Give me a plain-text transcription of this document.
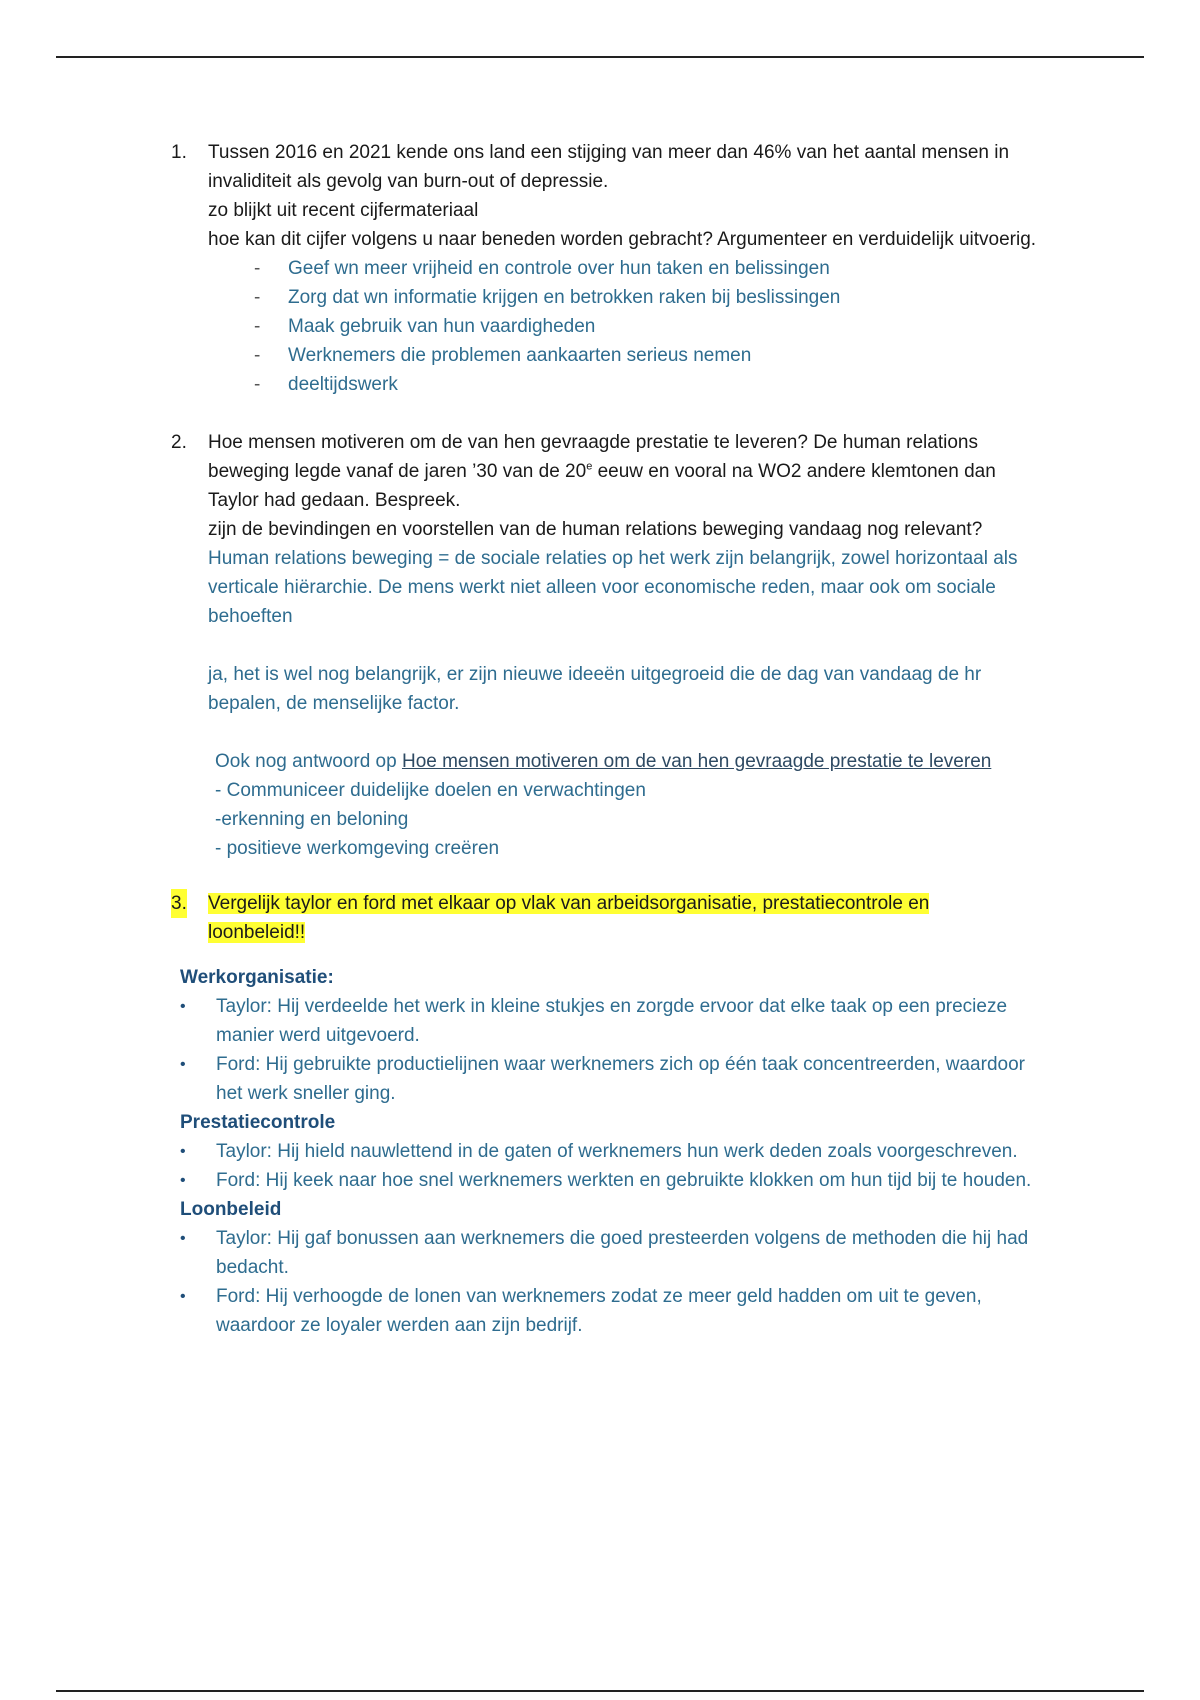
1. Tussen 2016 en 2021 kende ons land een stijging van meer dan 46% van het aantal mensen in invaliditeit als gevolg van burn-out of depressie.
zo blijkt uit recent cijfermateriaal
hoe kan dit cijfer volgens u naar beneden worden gebracht? Argumenteer en verduidelijk uitvoerig.
- Geef wn meer vrijheid en controle over hun taken en belissingen
- Zorg dat wn informatie krijgen en betrokken raken bij beslissingen
- Maak gebruik van hun vaardigheden
- Werknemers die problemen aankaarten serieus nemen
- deeltijdswerk
2. Hoe mensen motiveren om de van hen gevraagde prestatie te leveren? De human relations beweging legde vanaf de jaren ’30 van de 20e eeuw en vooral na WO2 andere klemtonen dan Taylor had gedaan. Bespreek.
zijn de bevindingen en voorstellen van de human relations beweging vandaag nog relevant?
Human relations beweging = de sociale relaties op het werk zijn belangrijk, zowel horizontaal als verticale hiërarchie. De mens werkt niet alleen voor economische reden, maar ook om sociale behoeften
ja, het is wel nog belangrijk, er zijn nieuwe ideeën uitgegroeid die de dag van vandaag de hr bepalen, de menselijke factor.
Ook nog antwoord op Hoe mensen motiveren om de van hen gevraagde prestatie te leveren
- Communiceer duidelijke doelen en verwachtingen
-erkenning en beloning
- positieve werkomgeving creëren
3. Vergelijk taylor en ford met elkaar op vlak van arbeidsorganisatie, prestatiecontrole en loonbeleid!!
Werkorganisatie:
• Taylor: Hij verdeelde het werk in kleine stukjes en zorgde ervoor dat elke taak op een precieze manier werd uitgevoerd.
• Ford: Hij gebruikte productielijnen waar werknemers zich op één taak concentreerden, waardoor het werk sneller ging.
Prestatiecontrole
• Taylor: Hij hield nauwlettend in de gaten of werknemers hun werk deden zoals voorgeschreven.
• Ford: Hij keek naar hoe snel werknemers werkten en gebruikte klokken om hun tijd bij te houden.
Loonbeleid
• Taylor: Hij gaf bonussen aan werknemers die goed presteerden volgens de methoden die hij had bedacht.
• Ford: Hij verhoogde de lonen van werknemers zodat ze meer geld hadden om uit te geven, waardoor ze loyaler werden aan zijn bedrijf.
